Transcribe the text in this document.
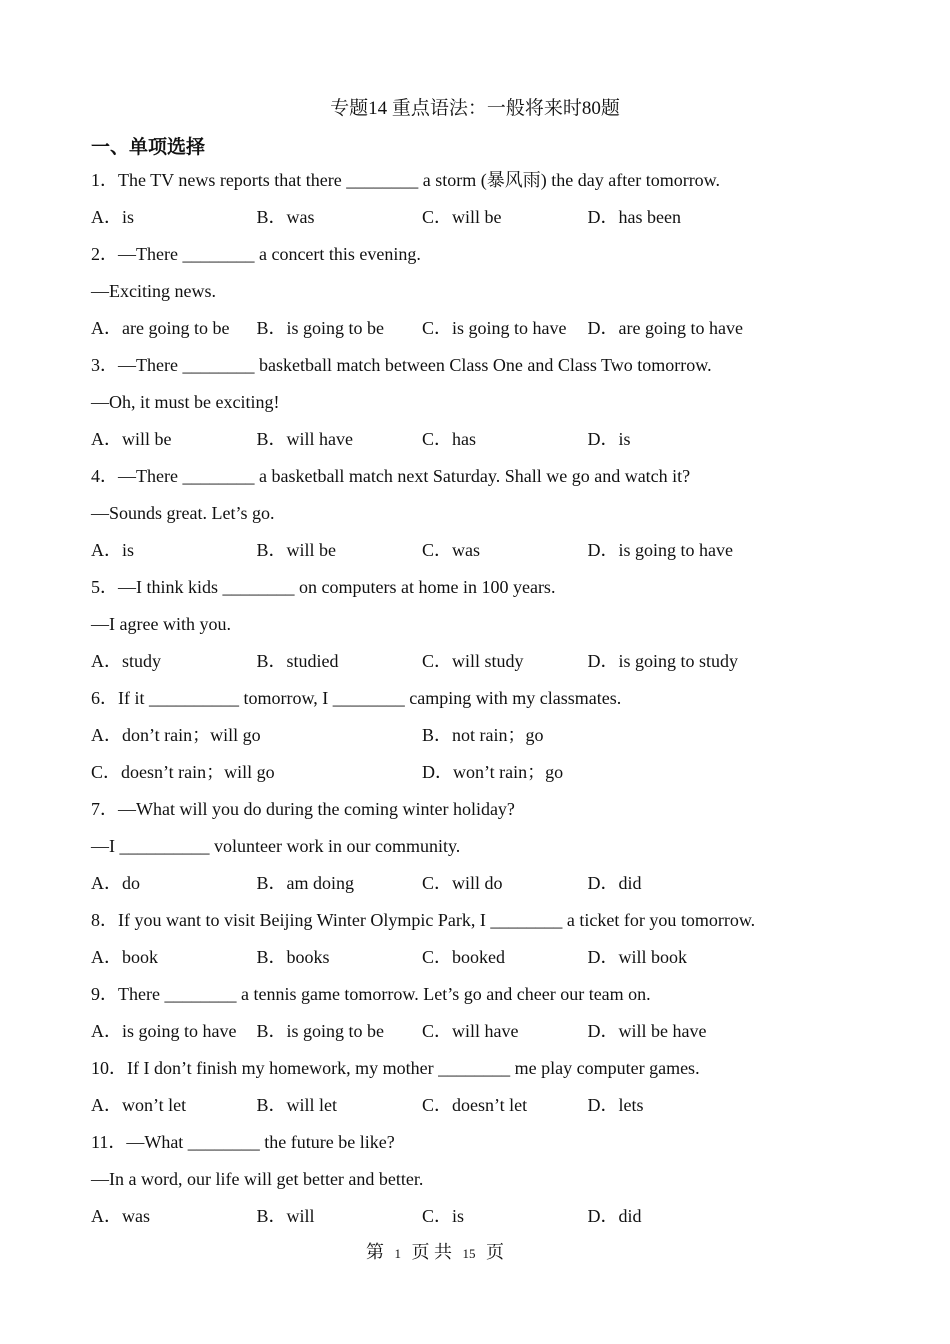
专题14 重点语法：一般将来时80题
一、单项选择
1．The TV news reports that there ________ a storm (暴风雨) the day after tomorrow.
A．is	B．was	C．will be	D．has been
2．—There ________ a concert this evening.
—Exciting news.
A．are going to be	B．is going to be	C．is going to have	D．are going to have
3．—There ________ basketball match between Class One and Class Two tomorrow.
—Oh, it must be exciting!
A．will be	B．will have	C．has	D．is
4．—There ________ a basketball match next Saturday. Shall we go and watch it?
—Sounds great. Let’s go.
A．is	B．will be	C．was	D．is going to have
5．—I think kids ________ on computers at home in 100 years.
—I agree with you.
A．study	B．studied	C．will study	D．is going to study
6．If it __________ tomorrow, I ________ camping with my classmates.
A．don’t rain；will go	B．not rain；go
C．doesn’t rain；will go	D．won’t rain；go
7．—What will you do during the coming winter holiday?
—I __________ volunteer work in our community.
A．do	B．am doing	C．will do	D．did
8．If you want to visit Beijing Winter Olympic Park, I ________ a ticket for you tomorrow.
A．book	B．books	C．booked	D．will book
9．There ________ a tennis game tomorrow. Let’s go and cheer our team on.
A．is going to have	B．is going to be	C．will have	D．will be have
10．If I don’t finish my homework, my mother ________ me play computer games.
A．won’t let	B．will let	C．doesn’t let	D．lets
11．—What ________ the future be like?
—In a word, our life will get better and better.
A．was	B．will	C．is	D．did
第 1 页 共 15 页
